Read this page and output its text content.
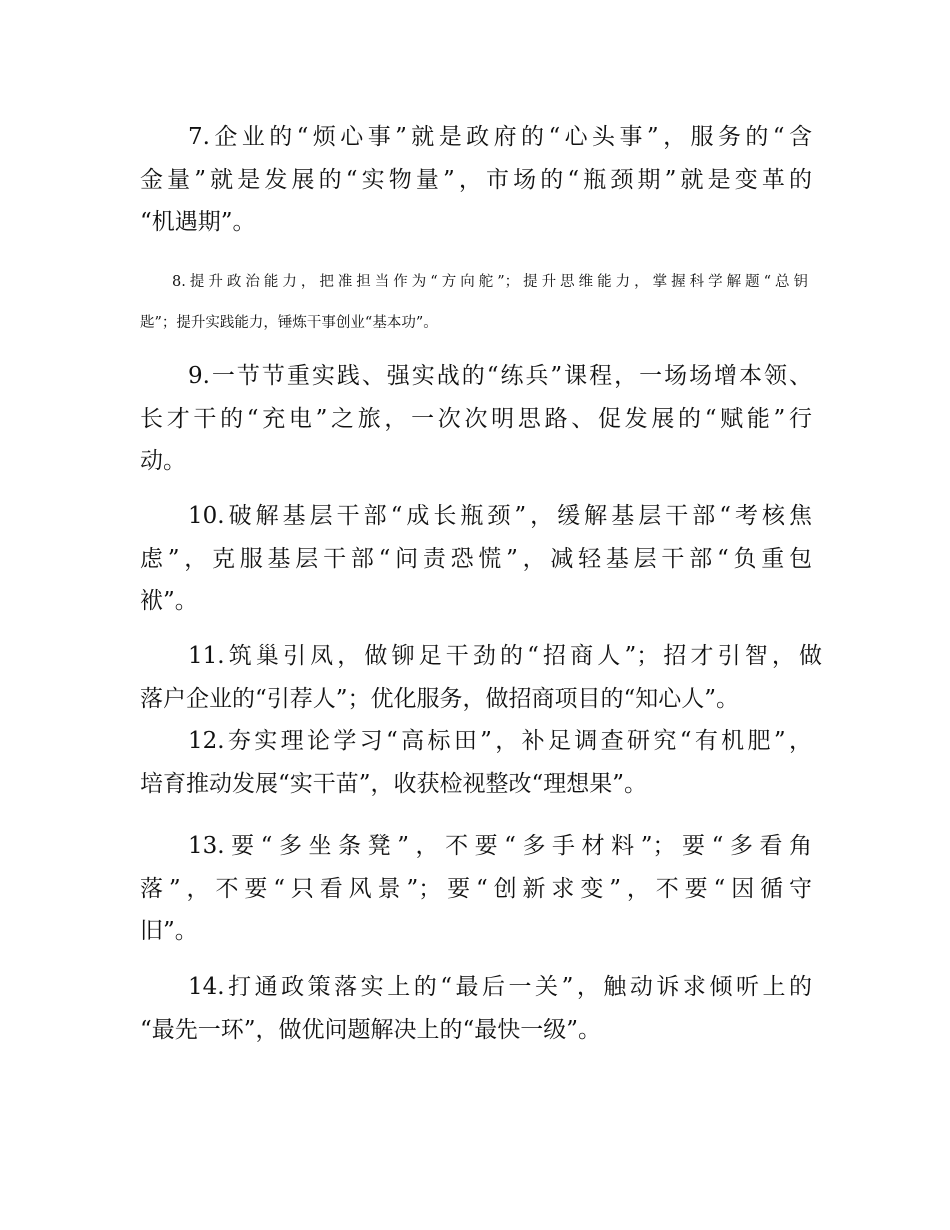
7.企业的“烦心事”就是政府的“心头事”，服务的“含
金量”就是发展的“实物量”，市场的“瓶颈期”就是变革的
“机遇期”。
8.提升政治能力，把准担当作为“方向舵”；提升思维能力，掌握科学解题“总钥
匙”；提升实践能力，锤炼干事创业“基本功”。
9.一节节重实践、强实战的“练兵”课程，一场场增本领、
长才干的“充电”之旅，一次次明思路、促发展的“赋能”行
动。
10.破解基层干部“成长瓶颈”，缓解基层干部“考核焦
虑”，克服基层干部“问责恐慌”，减轻基层干部“负重包
袱”。
11.筑巢引凤，做铆足干劲的“招商人”；招才引智，做
落户企业的“引荐人”；优化服务，做招商项目的“知心人”。
12.夯实理论学习“高标田”，补足调查研究“有机肥”，
培育推动发展“实干苗”，收获检视整改“理想果”。
13.要“多坐条凳”，不要“多手材料”；要“多看角
落”，不要“只看风景”；要“创新求变”，不要“因循守
旧”。
14.打通政策落实上的“最后一关”，触动诉求倾听上的
“最先一环”，做优问题解决上的“最快一级”。
